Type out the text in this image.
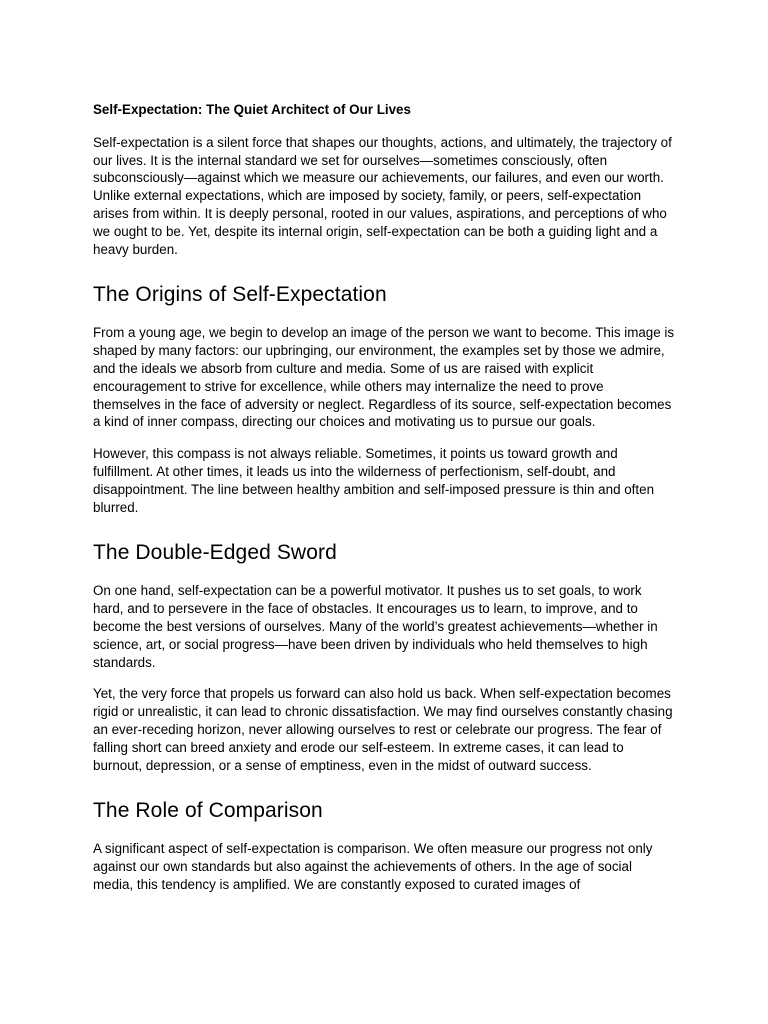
Self-Expectation: The Quiet Architect of Our Lives

Self-expectation is a silent force that shapes our thoughts, actions, and ultimately, the trajectory of our lives. It is the internal standard we set for ourselves—sometimes consciously, often subconsciously—against which we measure our achievements, our failures, and even our worth. Unlike external expectations, which are imposed by society, family, or peers, self-expectation arises from within. It is deeply personal, rooted in our values, aspirations, and perceptions of who we ought to be. Yet, despite its internal origin, self-expectation can be both a guiding light and a heavy burden.

The Origins of Self-Expectation

From a young age, we begin to develop an image of the person we want to become. This image is shaped by many factors: our upbringing, our environment, the examples set by those we admire, and the ideals we absorb from culture and media. Some of us are raised with explicit encouragement to strive for excellence, while others may internalize the need to prove themselves in the face of adversity or neglect. Regardless of its source, self-expectation becomes a kind of inner compass, directing our choices and motivating us to pursue our goals.

However, this compass is not always reliable. Sometimes, it points us toward growth and fulfillment. At other times, it leads us into the wilderness of perfectionism, self-doubt, and disappointment. The line between healthy ambition and self-imposed pressure is thin and often blurred.

The Double-Edged Sword

On one hand, self-expectation can be a powerful motivator. It pushes us to set goals, to work hard, and to persevere in the face of obstacles. It encourages us to learn, to improve, and to become the best versions of ourselves. Many of the world’s greatest achievements—whether in science, art, or social progress—have been driven by individuals who held themselves to high standards.

Yet, the very force that propels us forward can also hold us back. When self-expectation becomes rigid or unrealistic, it can lead to chronic dissatisfaction. We may find ourselves constantly chasing an ever-receding horizon, never allowing ourselves to rest or celebrate our progress. The fear of falling short can breed anxiety and erode our self-esteem. In extreme cases, it can lead to burnout, depression, or a sense of emptiness, even in the midst of outward success.

The Role of Comparison

A significant aspect of self-expectation is comparison. We often measure our progress not only against our own standards but also against the achievements of others. In the age of social media, this tendency is amplified. We are constantly exposed to curated images of
